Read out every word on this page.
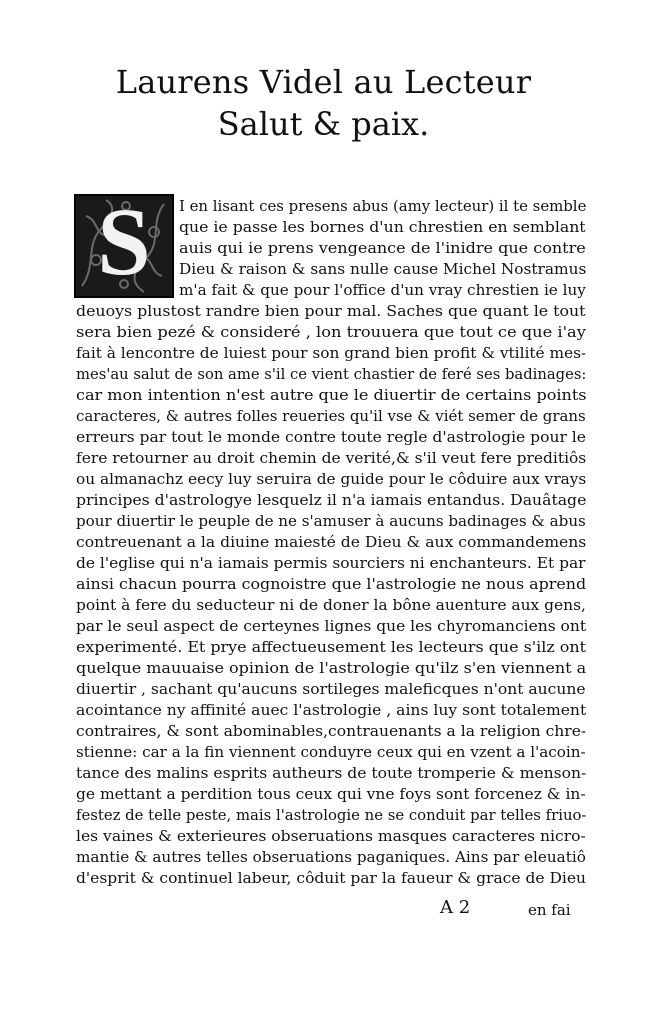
Laurens Videl au Lecteur
Salut & paix.
S	I en lisant ces presens abus (amy lecteur) il te semble
que ie passe les bornes d'un chrestien en semblant
auis qui ie prens vengeance de l'inidre que contre
Dieu & raison & sans nulle cause Michel Nostramus
m'a fait & que pour l'office d'un vray chrestien ie luy
deuoys plustost randre bien pour mal. Saches que quant le tout
sera bien pezé & consideré , lon trouuera que tout ce que i'ay
fait à lencontre de luiest pour son grand bien profit & vtilité mes-
mes'au salut de son ame s'il ce vient chastier de feré ses badinages:
car mon intention n'est autre que le diuertir de certains points
caracteres, & autres folles reueries qu'il vse & viét semer de grans
erreurs par tout le monde contre toute regle d'astrologie pour le
fere retourner au droit chemin de verité,& s'il veut fere preditiôs
ou almanachz eecy luy seruira de guide pour le côduire aux vrays
principes d'astrologye lesquelz il n'a iamais entandus. Dauâtage
pour diuertir le peuple de ne s'amuser à aucuns badinages & abus
contreuenant a la diuine maiesté de Dieu & aux commandemens
de l'eglise qui n'a iamais permis sourciers ni enchanteurs. Et par
ainsi chacun pourra cognoistre que l'astrologie ne nous aprend
point à fere du seducteur ni de doner la bône auenture aux gens,
par le seul aspect de certeynes lignes que les chyromanciens ont
experimenté. Et prye affectueusement les lecteurs que s'ilz ont
quelque mauuaise opinion de l'astrologie qu'ilz s'en viennent a
diuertir , sachant qu'aucuns sortileges maleficques n'ont aucune
acointance ny affinité auec l'astrologie , ains luy sont totalement
contraires, & sont abominables,contrauenants a la religion chre-
stienne: car a la fin viennent conduyre ceux qui en vzent a l'acoin-
tance des malins esprits autheurs de toute tromperie & menson-
ge mettant a perdition tous ceux qui vne foys sont forcenez & in-
festez de telle peste, mais l'astrologie ne se conduit par telles friuo-
les vaines & exterieures obseruations masques caracteres nicro-
mantie & autres telles obseruations paganiques. Ains par eleuatiô
d'esprit & continuel labeur, côduit par la faueur & grace de Dieu
A 2	en fai
